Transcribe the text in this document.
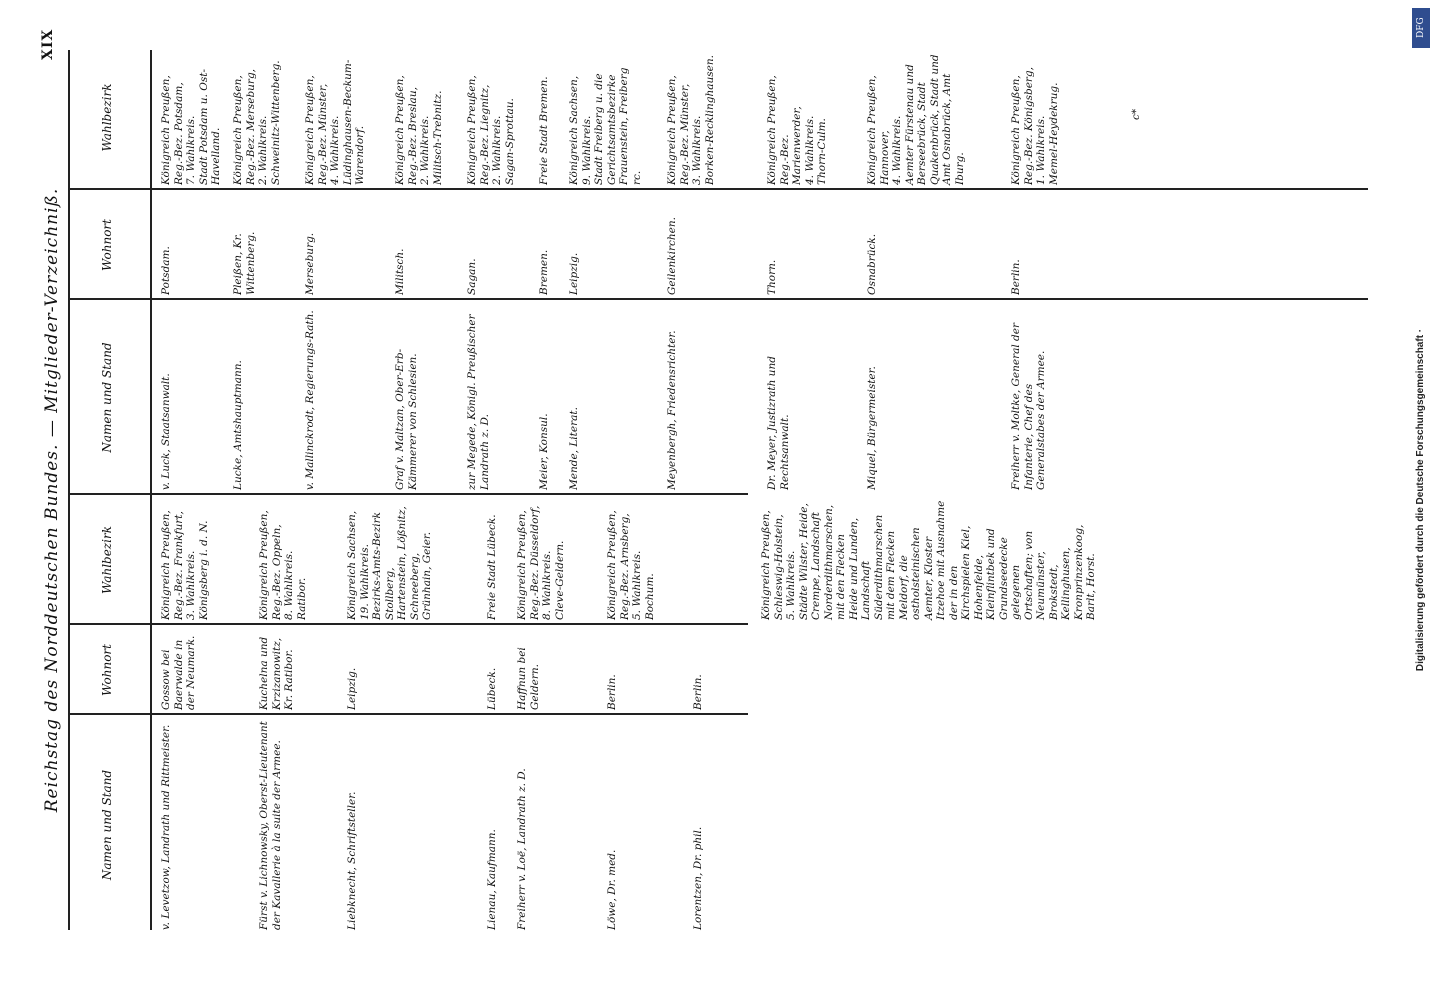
Reichstag des Norddeutschen Bundes. — Mitglieder-Verzeichniß.
XIX
Namen und Stand
Wohnort
Wahlbezirk
v. Levetzow, Landrath und Rittmeister.
Gossow bei Baerwalde in der Neumark.
Königreich Preußen, Reg.-Bez. Frankfurt,
3. Wahlkreis.
Königsberg i. d. N.
Fürst v. Lichnowsky, Oberst-Lieutenant der Kavallerie à la suite der Armee.
Kuchelna und Krzizanowitz, Kr. Ratibor.
Königreich Preußen, Reg.-Bez. Oppeln,
8. Wahlkreis.
Ratibor.
Liebknecht, Schriftsteller.
Leipzig.
Königreich Sachsen,
19. Wahlkreis.
Bezirks-Amts-Bezirk Stollberg, Hartenstein, Lößnitz, Schneeberg, Grünhain, Geier.
Lienau, Kaufmann.
Lübeck.
Freie Stadt Lübeck.
Freiherr v. Loë, Landrath z. D.
Haffnun bei Geldern.
Königreich Preußen, Reg.-Bez. Düsseldorf,
8. Wahlkreis.
Cleve-Geldern.
Löwe, Dr. med.
Berlin.
Königreich Preußen, Reg.-Bez. Arnsberg,
5. Wahlkreis.
Bochum.
Lorentzen, Dr. phil.
Berlin.
Namen und Stand
Wohnort
Wahlbezirk
Königreich Preußen, Schleswig-Holstein,
5. Wahlkreis.
Städte Wilster, Heide, Crempe, Landschaft Norderdithmarschen, mit den Flecken Heide und Lunden, Landschaft Süderdithmarschen mit dem Flecken Meldorf, die ostholsteinischen Aemter, Kloster Itzehoe mit Ausnahme der in den Kirchspielen Kiel, Hohenfelde, Kleinflintbek und Grundseedecke gelegenen Ortschaften; von Neumünster, Brokstedt, Kellinghusen, Kronprinzenkoog, Barlt, Horst.
v. Luck, Staatsanwalt.
Potsdam.
Königreich Preußen, Reg.-Bez. Potsdam,
7. Wahlkreis.
Stadt Potsdam u. Ost-Havelland.
Lucke, Amtshauptmann.
Pleißen, Kr. Wittenberg.
Königreich Preußen, Reg.-Bez. Merseburg,
2. Wahlkreis.
Schweinitz-Wittenberg.
v. Mallinckrodt, Regierungs-Rath.
Merseburg.
Königreich Preußen, Reg.-Bez. Münster,
4. Wahlkreis.
Lüdinghausen-Beckum-Warendorf.
Graf v. Maltzan, Ober-Erb-Kämmerer von Schlesien.
Militsch.
Königreich Preußen, Reg.-Bez. Breslau,
2. Wahlkreis.
Militsch-Trebnitz.
zur Megede, Königl. Preußischer Landrath z. D.
Sagan.
Königreich Preußen, Reg.-Bez. Liegnitz,
2. Wahlkreis.
Sagan-Sprottau.
Meier, Konsul.
Bremen.
Freie Stadt Bremen.
Mende, Literat.
Leipzig.
Königreich Sachsen,
9. Wahlkreis.
Stadt Freiberg u. die Gerichtsamtsbezirke Frauenstein, Freiberg rc.
Meyenbergh, Friedensrichter.
Geilenkirchen.
Königreich Preußen, Reg.-Bez. Münster,
3. Wahlkreis.
Borken-Recklinghausen.
Dr. Meyer, Justizrath und Rechtsanwalt.
Thorn.
Königreich Preußen, Reg.-Bez. Marienwerder,
4. Wahlkreis.
Thorn-Culm.
Miquel, Bürgermeister.
Osnabrück.
Königreich Preußen, Hannover,
4. Wahlkreis.
Aemter Fürstenau und Berseebrück, Stadt Quakenbrück, Stadt und Amt Osnabrück, Amt Iburg.
Freiherr v. Moltke, General der Infanterie, Chef des Generalstabes der Armee.
Berlin.
Königreich Preußen, Reg.-Bez. Königsberg,
1. Wahlkreis.
Memel-Heydekrug.	c*
Digitalisierung gefördert durch die Deutsche Forschungsgemeinschaft ·
DFG
